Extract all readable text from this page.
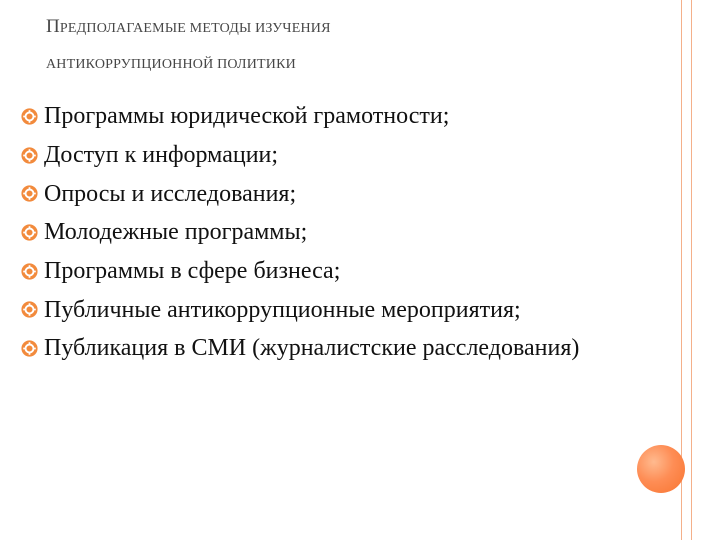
ПРЕДПОЛАГАЕМЫЕ МЕТОДЫ ИЗУЧЕНИЯ
АНТИКОРРУПЦИОННОЙ ПОЛИТИКИ
Программы юридической грамотности;
Доступ к информации;
Опросы и исследования;
Молодежные программы;
Программы в сфере бизнеса;
Публичные антикоррупционные мероприятия;
Публикация в СМИ (журналистские расследования)
